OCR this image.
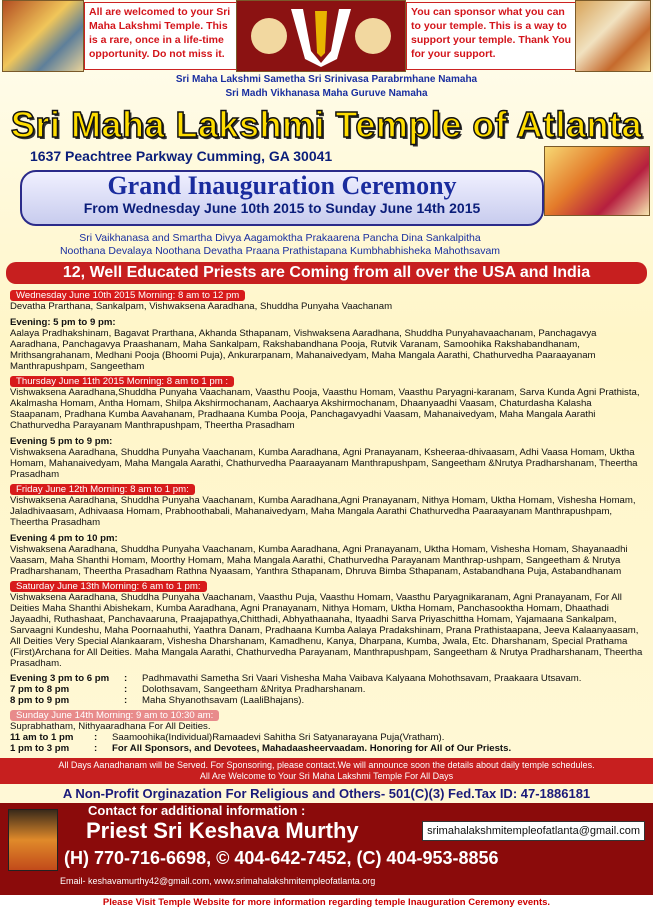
All are welcomed to your Sri Maha Lakshmi Temple. This is a rare, once in a life-time opportunity. Do not miss it.
You can sponsor what you can to your temple. This is a way to support your temple. Thank You for your support.
Sri Maha Lakshmi Sametha Sri Srinivasa Parabrmhane Namaha
Sri Madh Vikhanasa Maha Guruve Namaha
Sri Maha Lakshmi Temple of Atlanta
1637 Peachtree Parkway Cumming, GA 30041
Grand Inauguration Ceremony
From Wednesday June 10th 2015 to Sunday June 14th 2015
Sri Vaikhanasa and Smartha Divya Aagamoktha Prakaarena Pancha Dina Sankalpitha
Noothana Devalaya Noothana Devatha Praana Prathistapana Kumbhabhisheka Mahothsavam
12, Well Educated Priests are Coming from all over the USA and India
Wednesday June 10th 2015 Morning: 8 am to 12 pm
Devatha Prarthana, Sankalpam, Vishwaksena Aaradhana, Shuddha Punyaha Vaachanam
Evening: 5 pm to 9 pm:
Aalaya Pradhakshinam, Bagavat Prarthana, Akhanda Sthapanam, Vishwaksena Aaradhana, Shuddha Punyahavaachanam, Panchagavya Aaradhana, Panchagavya Praashanam, Maha Sankalpam, Rakshabandhana Pooja, Rutvik Varanam, Samoohika Rakshabandhanam, Mrithsangrahanam, Medhani Pooja (Bhoomi Puja), Ankurarpanam, Mahanaivedyam, Maha Mangala Aarathi, Chathurvedha Paaraayanam Manthrapushpam, Sangeetham
Thursday June 11th 2015 Morning: 8 am to 1 pm :
Vishwaksena Aaradhana,Shuddha Punyaha Vaachanam, Vaasthu Pooja, Vaasthu Homam, Vaasthu Paryagni-karanam, Sarva Kunda Agni Prathista, Akalmasha Homam, Antha Homam, Shilpa Akshirmochanam, Aachaarya Akshirmochanam, Dhaanyaadhi Vaasam, Chaturdasha Kalasha Staapanam, Pradhana Kumba Aavahanam, Pradhaana Kumba Pooja, Panchagavyadhi Vaasam, Mahanaivedyam, Maha Mangala Aarathi Chathurvedha Parayanam Manthrapushpam, Theertha Prasadham
Evening 5 pm to 9 pm:
Vishwaksena Aaradhana, Shuddha Punyaha Vaachanam, Kumba Aaradhana, Agni Pranayanam, Ksheeraa-dhivaasam, Adhi Vaasa Homam, Uktha Homam, Mahanaivedyam, Maha Mangala Aarathi, Chathurvedha Paaraayanam Manthrapushpam, Sangeetham &Nrutya Pradharshanam, Theertha Prasadham
Friday June 12th Morning: 8 am to 1 pm:
Vishwaksena Aaradhana, Shuddha Punyaha Vaachanam, Kumba Aaradhana,Agni Pranayanam, Nithya Homam, Uktha Homam, Vishesha Homam, Jaladhivaasam, Adhivaasa Homam, Prabhoothabali, Mahanaivedyam, Maha Mangala Aarathi Chathurvedha Paaraayanam Manthrapushpam, Theertha Prasadham
Evening 4 pm to 10 pm:
Vishwaksena Aaradhana, Shuddha Punyaha Vaachanam, Kumba Aaradhana, Agni Pranayanam, Uktha Homam, Vishesha Homam, Shayanaadhi Vaasam, Maha Shanthi Homam, Moorthy Homam, Maha Mangala Aarathi, Chathurvedha Parayanam Manthrap-ushpam, Sangeetham & Nrutya Pradharshanam, Theertha Prasadham Rathna Nyaasam, Yanthra Sthapanam, Dhruva Bimba Sthapanam, Astabandhana Puja, Astabandhanam
Saturday June 13th Morning: 6 am to 1 pm:
Vishwaksena Aaradhana, Shuddha Punyaha Vaachanam, Vaasthu Puja, Vaasthu Homam, Vaasthu Paryagnikaranam, Agni Pranayanam, For All Deities Maha Shanthi Abishekam, Kumba Aaradhana, Agni Pranayanam, Nithya Homam, Uktha Homam, Panchasooktha Homam, Dhaathadi Jayaadhi, Ruthashaat, Panchavaaruna, Praajapathya,Chitthadi, Abhyathaanaha, Ityaadhi Sarva Priyaschittha Homam, Yajamaana Sankalpam, Sarvaagni Kundeshu, Maha Poornaahuthi, Yaathra Danam, Pradhaana Kumba Aalaya Pradakshinam, Prana Prathistaapana, Jeeva Kalaanyaasam, All Deities Very Special Alankaaram, Vishesha Dharshanam, Kamadhenu, Kanya, Dharpana, Kumba, Jwala, Etc. Dharshanam, Special Prathama (First)Archana for All Deities. Maha Mangala Aarathi, Chathurvedha Parayanam, Manthrapushpam, Sangeetham & Nrutya Pradharshanam, Theertha Prasadham.
Evening 3 pm to 6 pm	:	Padhmavathi Sametha Sri Vaari Vishesha Maha Vaibava Kalyaana Mohothsavam, Praakaara Utsavam.
7 pm to 8 pm	:	Dolothsavam, Sangeetham &Nritya Pradharshanam.
8 pm to 9 pm	:	Maha Shyanothsavam (LaaliBhajans).
Sunday June 14th Morning: 9 am to 10:30 am:
Suprabhatham, Nithyaaradhana For All Deities.
11 am to 1 pm	:	Saamoohika(Individual)Ramaadevi Sahitha Sri Satyanarayana Puja(Vratham).
1 pm to 3 pm	:	For All Sponsors, and Devotees, Mahadaasheervaadam. Honoring for All of Our Priests.
All Days Aanadhanam will be Served. For Sponsoring, please contact.We will announce soon the details about daily temple schedules.
All Are Welcome to Your Sri Maha Lakshmi Temple For All Days
A Non-Profit Orginazation For Religious and Others- 501(C)(3) Fed.Tax ID: 47-1886181
Contact for additional information :
Priest Sri Keshava Murthy	srimahalakshmitempleofatlanta@gmail.com
(H) 770-716-6698, © 404-642-7452, (C) 404-953-8856
Email- keshavamurthy42@gmail.com, www.srimahalakshmitempleofatlanta.org
Please Visit Temple Website for more information regarding temple Inauguration Ceremony events.
